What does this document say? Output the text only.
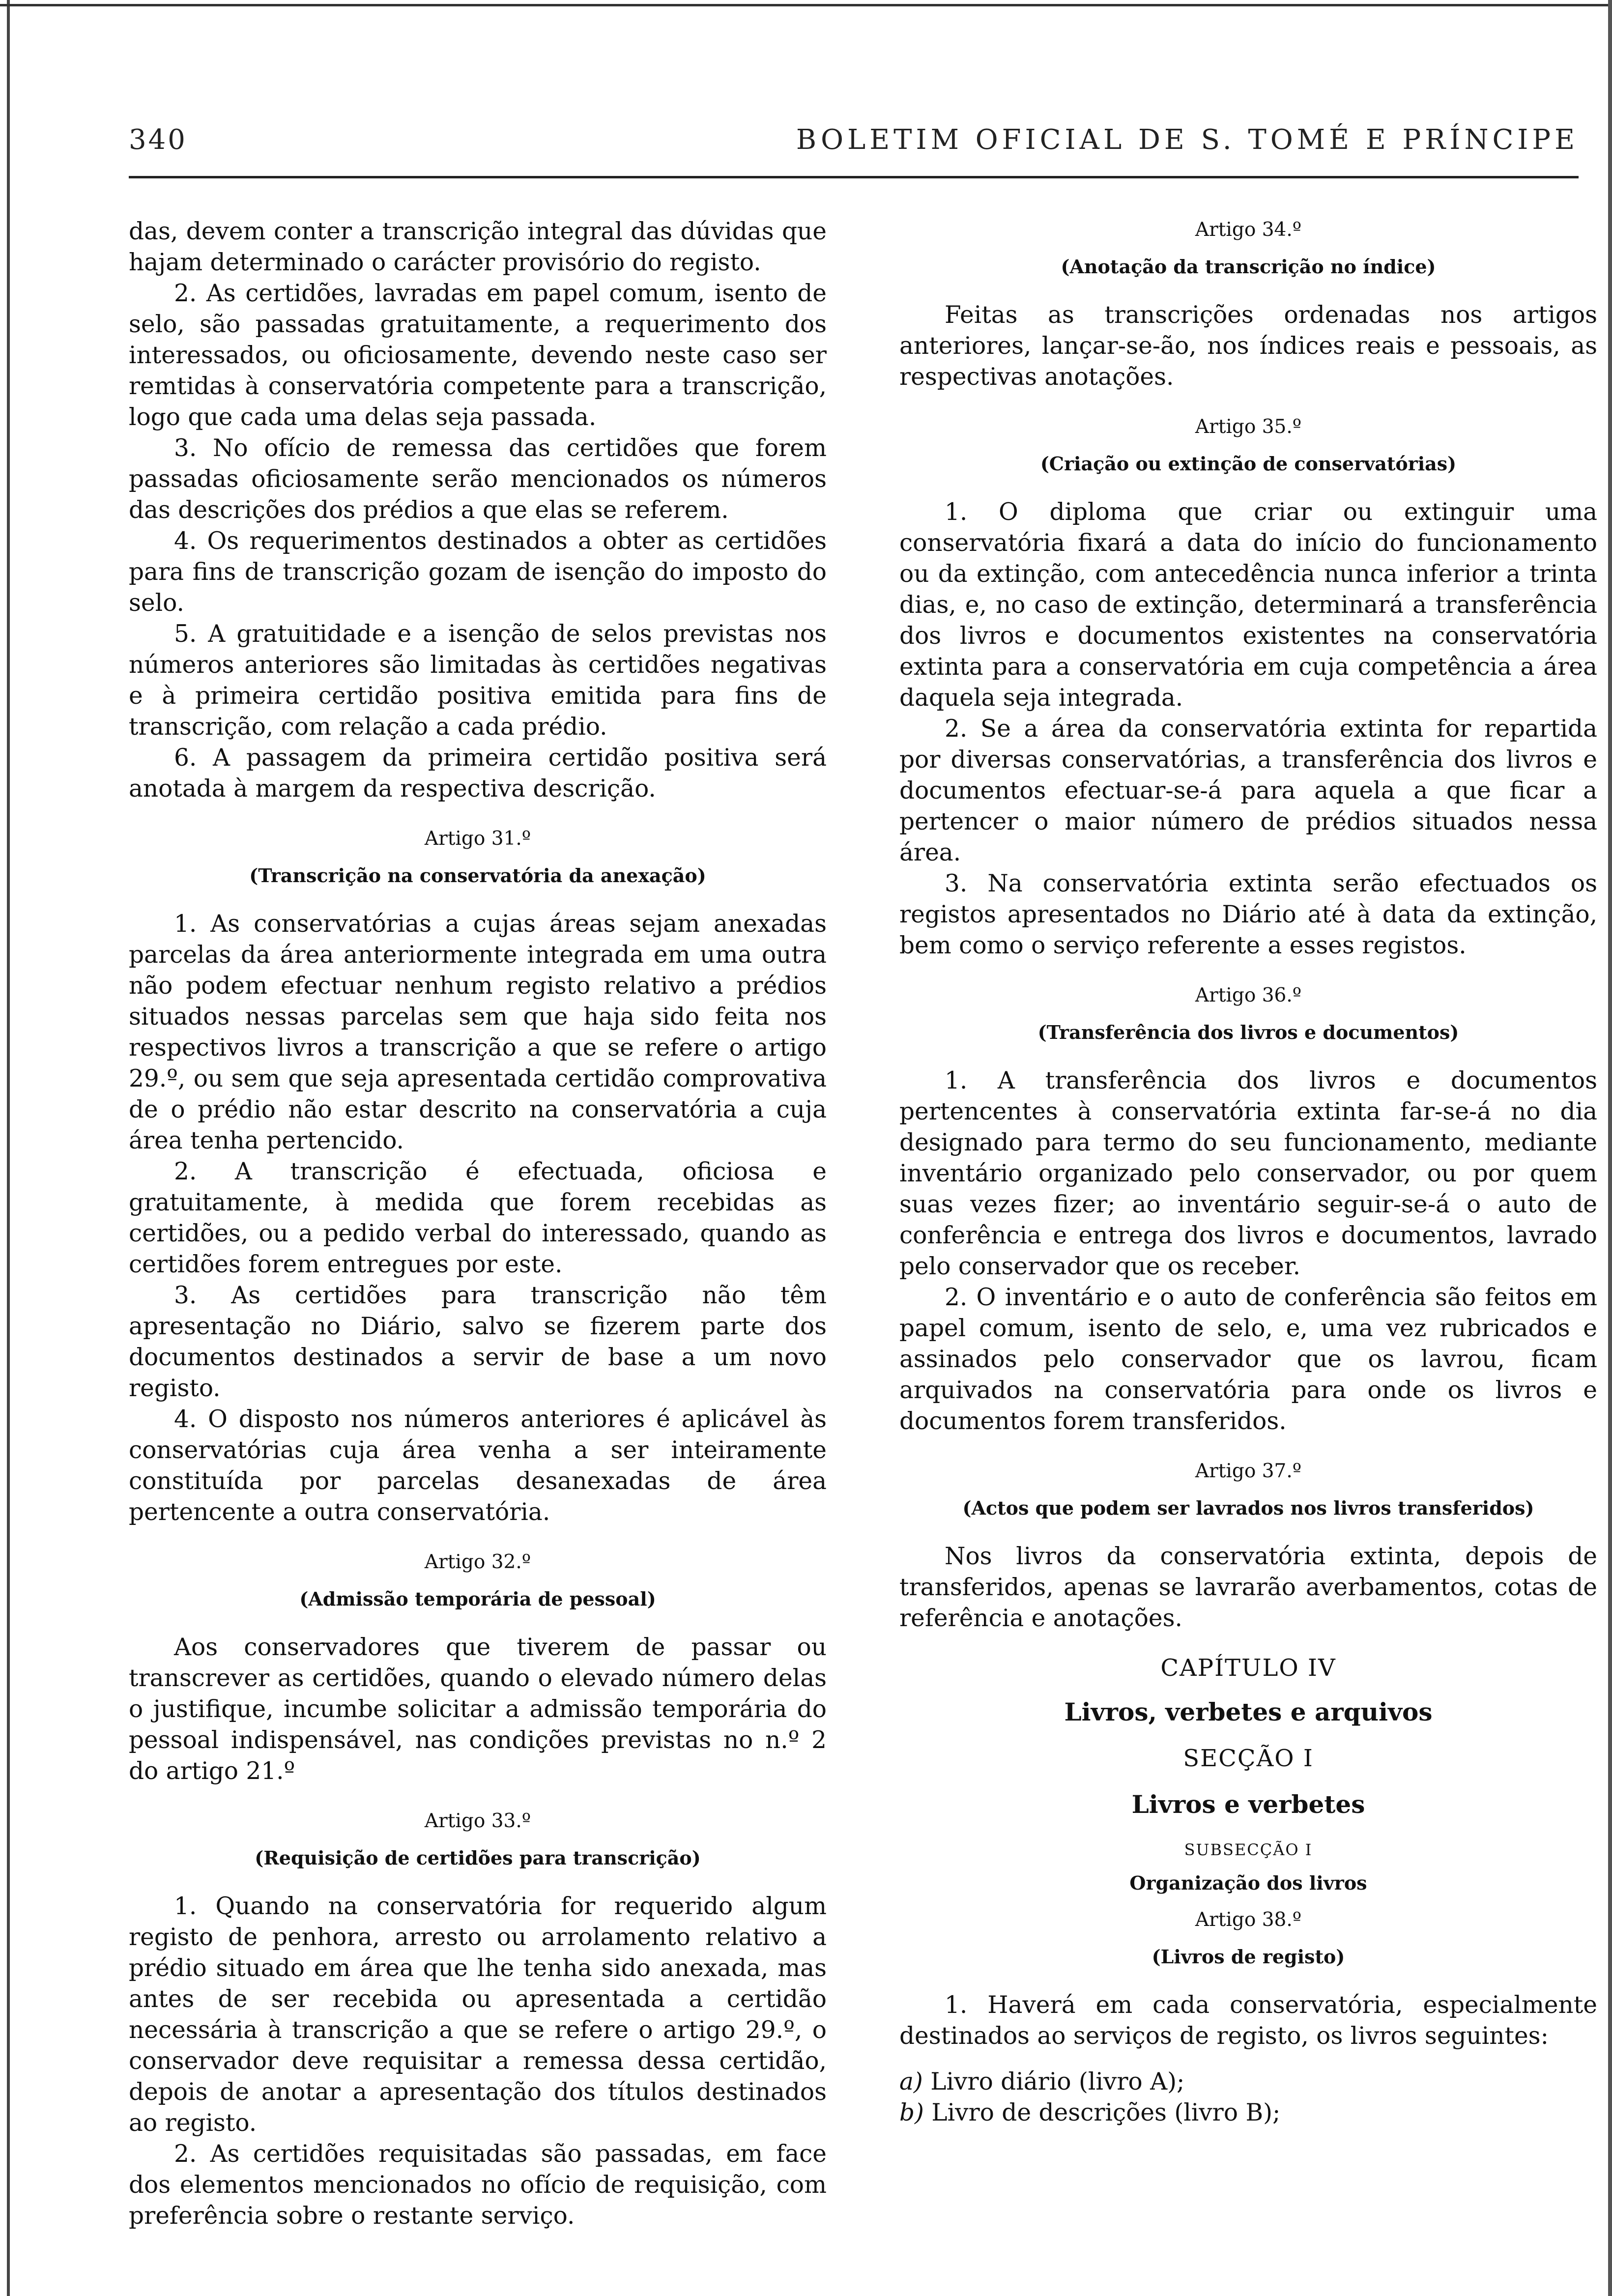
340	BOLETIM OFICIAL DE S. TOMÉ E PRÍNCIPE

das, devem conter a transcrição integral das dúvidas que hajam determinado o carácter provisório do registo.

2. As certidões, lavradas em papel comum, isento de selo, são passadas gratuitamente, a requerimento dos interessados, ou oficiosamente, devendo neste caso ser remtidas à conservatória competente para a transcrição, logo que cada uma delas seja passada.

3. No ofício de remessa das certidões que forem passadas oficiosamente serão mencionados os números das descrições dos prédios a que elas se referem.

4. Os requerimentos destinados a obter as certidões para fins de transcrição gozam de isenção do imposto do selo.

5. A gratuitidade e a isenção de selos previstas nos números anteriores são limitadas às certidões negativas e à primeira certidão positiva emitida para fins de transcrição, com relação a cada prédio.

6. A passagem da primeira certidão positiva será anotada à margem da respectiva descrição.

Artigo 31.º

(Transcrição na conservatória da anexação)

1. As conservatórias a cujas áreas sejam anexadas parcelas da área anteriormente integrada em uma outra não podem efectuar nenhum registo relativo a prédios situados nessas parcelas sem que haja sido feita nos respectivos livros a transcrição a que se refere o artigo 29.º, ou sem que seja apresentada certidão comprovativa de o prédio não estar descrito na conservatória a cuja área tenha pertencido.

2. A transcrição é efectuada, oficiosa e gratuitamente, à medida que forem recebidas as certidões, ou a pedido verbal do interessado, quando as certidões forem entregues por este.

3. As certidões para transcrição não têm apresentação no Diário, salvo se fizerem parte dos documentos destinados a servir de base a um novo registo.

4. O disposto nos números anteriores é aplicável às conservatórias cuja área venha a ser inteiramente constituída por parcelas desanexadas de área pertencente a outra conservatória.

Artigo 32.º

(Admissão temporária de pessoal)

Aos conservadores que tiverem de passar ou transcrever as certidões, quando o elevado número delas o justifique, incumbe solicitar a admissão temporária do pessoal indispensável, nas condições previstas no n.º 2 do artigo 21.º

Artigo 33.º

(Requisição de certidões para transcrição)

1. Quando na conservatória for requerido algum registo de penhora, arresto ou arrolamento relativo a prédio situado em área que lhe tenha sido anexada, mas antes de ser recebida ou apresentada a certidão necessária à transcrição a que se refere o artigo 29.º, o conservador deve requisitar a remessa dessa certidão, depois de anotar a apresentação dos títulos destinados ao registo.

2. As certidões requisitadas são passadas, em face dos elementos mencionados no ofício de requisição, com preferência sobre o restante serviço.

Artigo 34.º

(Anotação da transcrição no índice)

Feitas as transcrições ordenadas nos artigos anteriores, lançar-se-ão, nos índices reais e pessoais, as respectivas anotações.

Artigo 35.º

(Criação ou extinção de conservatórias)

1. O diploma que criar ou extinguir uma conservatória fixará a data do início do funcionamento ou da extinção, com antecedência nunca inferior a trinta dias, e, no caso de extinção, determinará a transferência dos livros e documentos existentes na conservatória extinta para a conservatória em cuja competência a área daquela seja integrada.

2. Se a área da conservatória extinta for repartida por diversas conservatórias, a transferência dos livros e documentos efectuar-se-á para aquela a que ficar a pertencer o maior número de prédios situados nessa área.

3. Na conservatória extinta serão efectuados os registos apresentados no Diário até à data da extinção, bem como o serviço referente a esses registos.

Artigo 36.º

(Transferência dos livros e documentos)

1. A transferência dos livros e documentos pertencentes à conservatória extinta far-se-á no dia designado para termo do seu funcionamento, mediante inventário organizado pelo conservador, ou por quem suas vezes fizer; ao inventário seguir-se-á o auto de conferência e entrega dos livros e documentos, lavrado pelo conservador que os receber.

2. O inventário e o auto de conferência são feitos em papel comum, isento de selo, e, uma vez rubricados e assinados pelo conservador que os lavrou, ficam arquivados na conservatória para onde os livros e documentos forem transferidos.

Artigo 37.º

(Actos que podem ser lavrados nos livros transferidos)

Nos livros da conservatória extinta, depois de transferidos, apenas se lavrarão averbamentos, cotas de referência e anotações.

CAPÍTULO IV

Livros, verbetes e arquivos

SECÇÃO I

Livros e verbetes

SUBSECÇÃO I

Organização dos livros

Artigo 38.º

(Livros de registo)

1. Haverá em cada conservatória, especialmente destinados ao serviços de registo, os livros seguintes:

a) Livro diário (livro A);

b) Livro de descrições (livro B);
